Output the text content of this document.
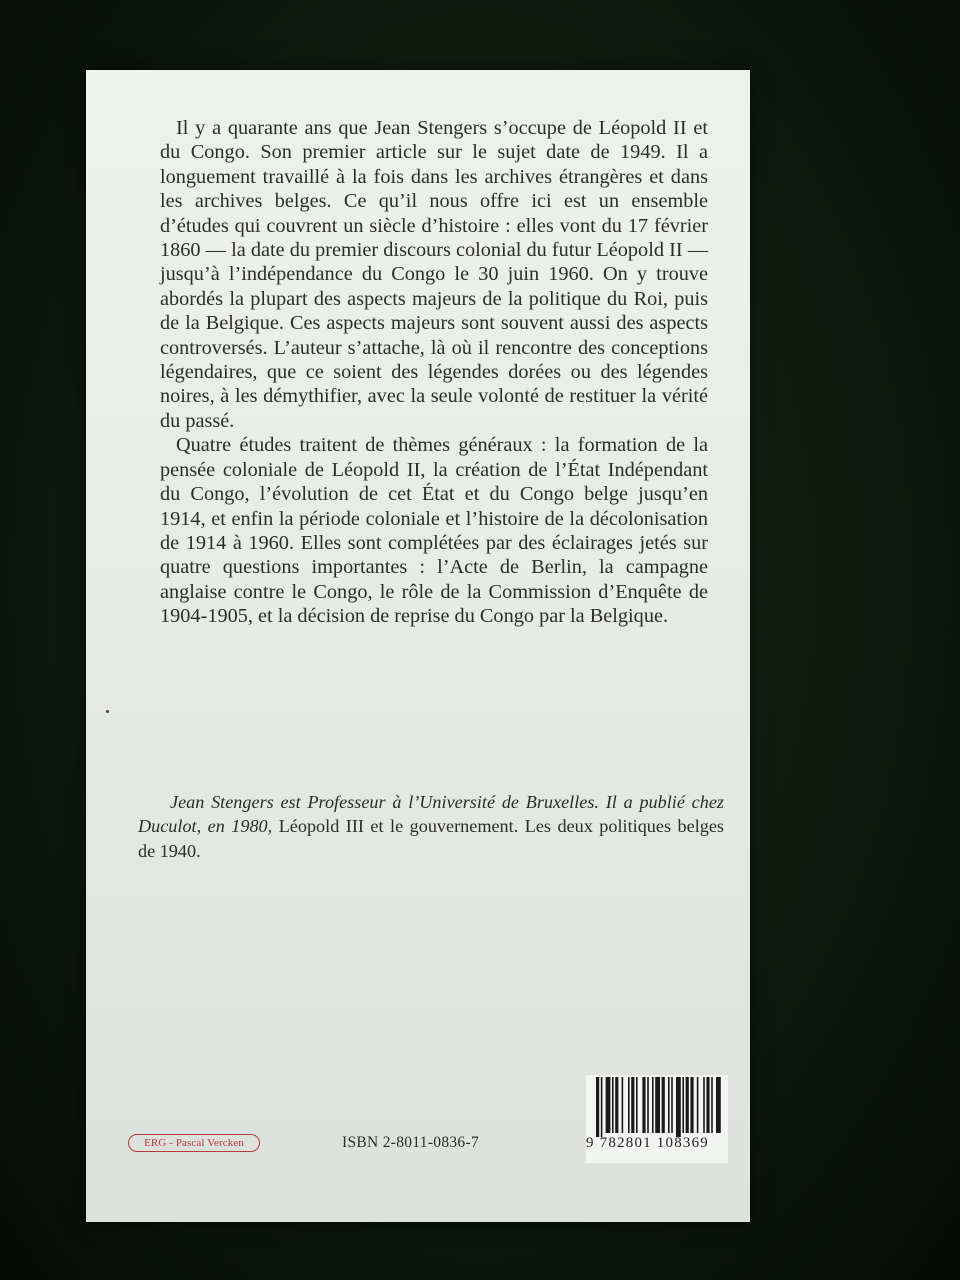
Il y a quarante ans que Jean Stengers s’occupe de Léopold II et du Congo. Son premier article sur le sujet date de 1949. Il a longuement travaillé à la fois dans les archives étrangères et dans les archives belges. Ce qu’il nous offre ici est un ensemble d’études qui couvrent un siècle d’histoire : elles vont du 17 février 1860 — la date du premier discours colonial du futur Léopold II — jusqu’à l’indépendance du Congo le 30 juin 1960. On y trouve abordés la plupart des aspects majeurs de la politique du Roi, puis de la Belgique. Ces aspects majeurs sont souvent aussi des aspects controversés. L’auteur s’attache, là où il rencontre des conceptions légendaires, que ce soient des légendes dorées ou des légendes noires, à les démythifier, avec la seule volonté de restituer la vérité du passé.

Quatre études traitent de thèmes généraux : la formation de la pensée coloniale de Léopold II, la création de l’État Indépendant du Congo, l’évolution de cet État et du Congo belge jusqu’en 1914, et enfin la période coloniale et l’histoire de la décolonisation de 1914 à 1960. Elles sont complétées par des éclairages jetés sur quatre questions importantes : l’Acte de Berlin, la campagne anglaise contre le Congo, le rôle de la Commission d’Enquête de 1904-1905, et la décision de reprise du Congo par la Belgique.

Jean Stengers est Professeur à l’Université de Bruxelles. Il a publié chez Duculot, en 1980, Léopold III et le gouvernement. Les deux politiques belges de 1940.

ERG - Pascal Vercken	ISBN 2-8011-0836-7	9 782801 108369
